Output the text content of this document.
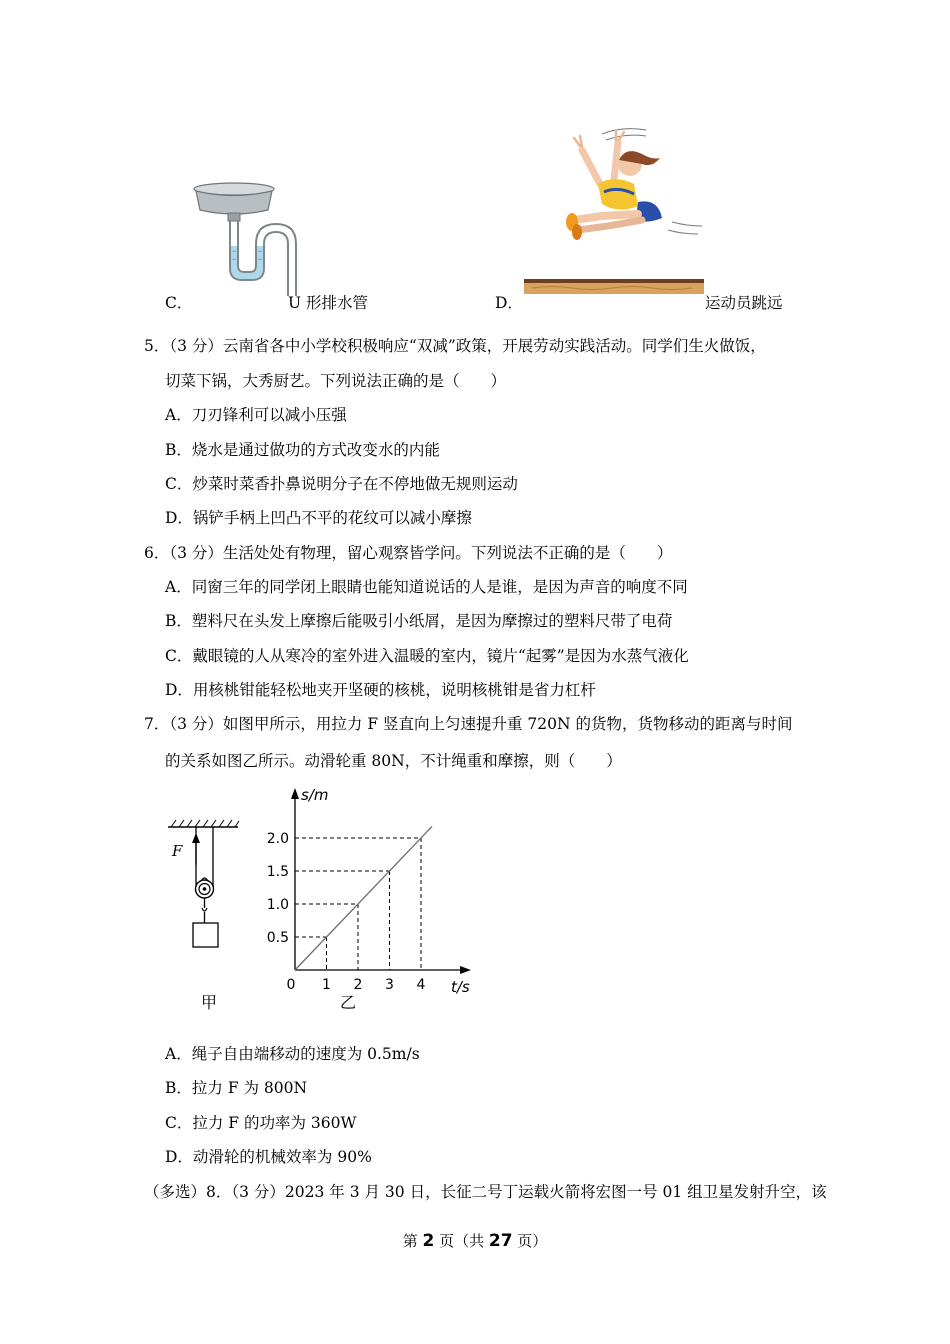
C．	U 形排水管	D．	运动员跳远
5．（3 分）云南省各中小学校积极响应“双减”政策，开展劳动实践活动。同学们生火做饭，
切菜下锅，大秀厨艺。下列说法正确的是（　　）
A．刀刃锋利可以减小压强
B．烧水是通过做功的方式改变水的内能
C．炒菜时菜香扑鼻说明分子在不停地做无规则运动
D．锅铲手柄上凹凸不平的花纹可以减小摩擦
6．（3 分）生活处处有物理，留心观察皆学问。下列说法不正确的是（　　）
A．同窗三年的同学闭上眼睛也能知道说话的人是谁，是因为声音的响度不同
B．塑料尺在头发上摩擦后能吸引小纸屑，是因为摩擦过的塑料尺带了电荷
C．戴眼镜的人从寒冷的室外进入温暖的室内，镜片“起雾”是因为水蒸气液化
D．用核桃钳能轻松地夹开坚硬的核桃，说明核桃钳是省力杠杆
7．（3 分）如图甲所示，用拉力 F 竖直向上匀速提升重 720N 的货物，货物移动的距离与时间
的关系如图乙所示。动滑轮重 80N，不计绳重和摩擦，则（　　）
F
甲
s/m
t/s
0 1 2 3 4
0.5
1.0
1.5
2.0
乙
A．绳子自由端移动的速度为 0.5m/s
B．拉力 F 为 800N
C．拉力 F 的功率为 360W
D．动滑轮的机械效率为 90%
（多选）8．（3 分）2023 年 3 月 30 日，长征二号丁运载火箭将宏图一号 01 组卫星发射升空，该
第 2 页（共 27 页）
